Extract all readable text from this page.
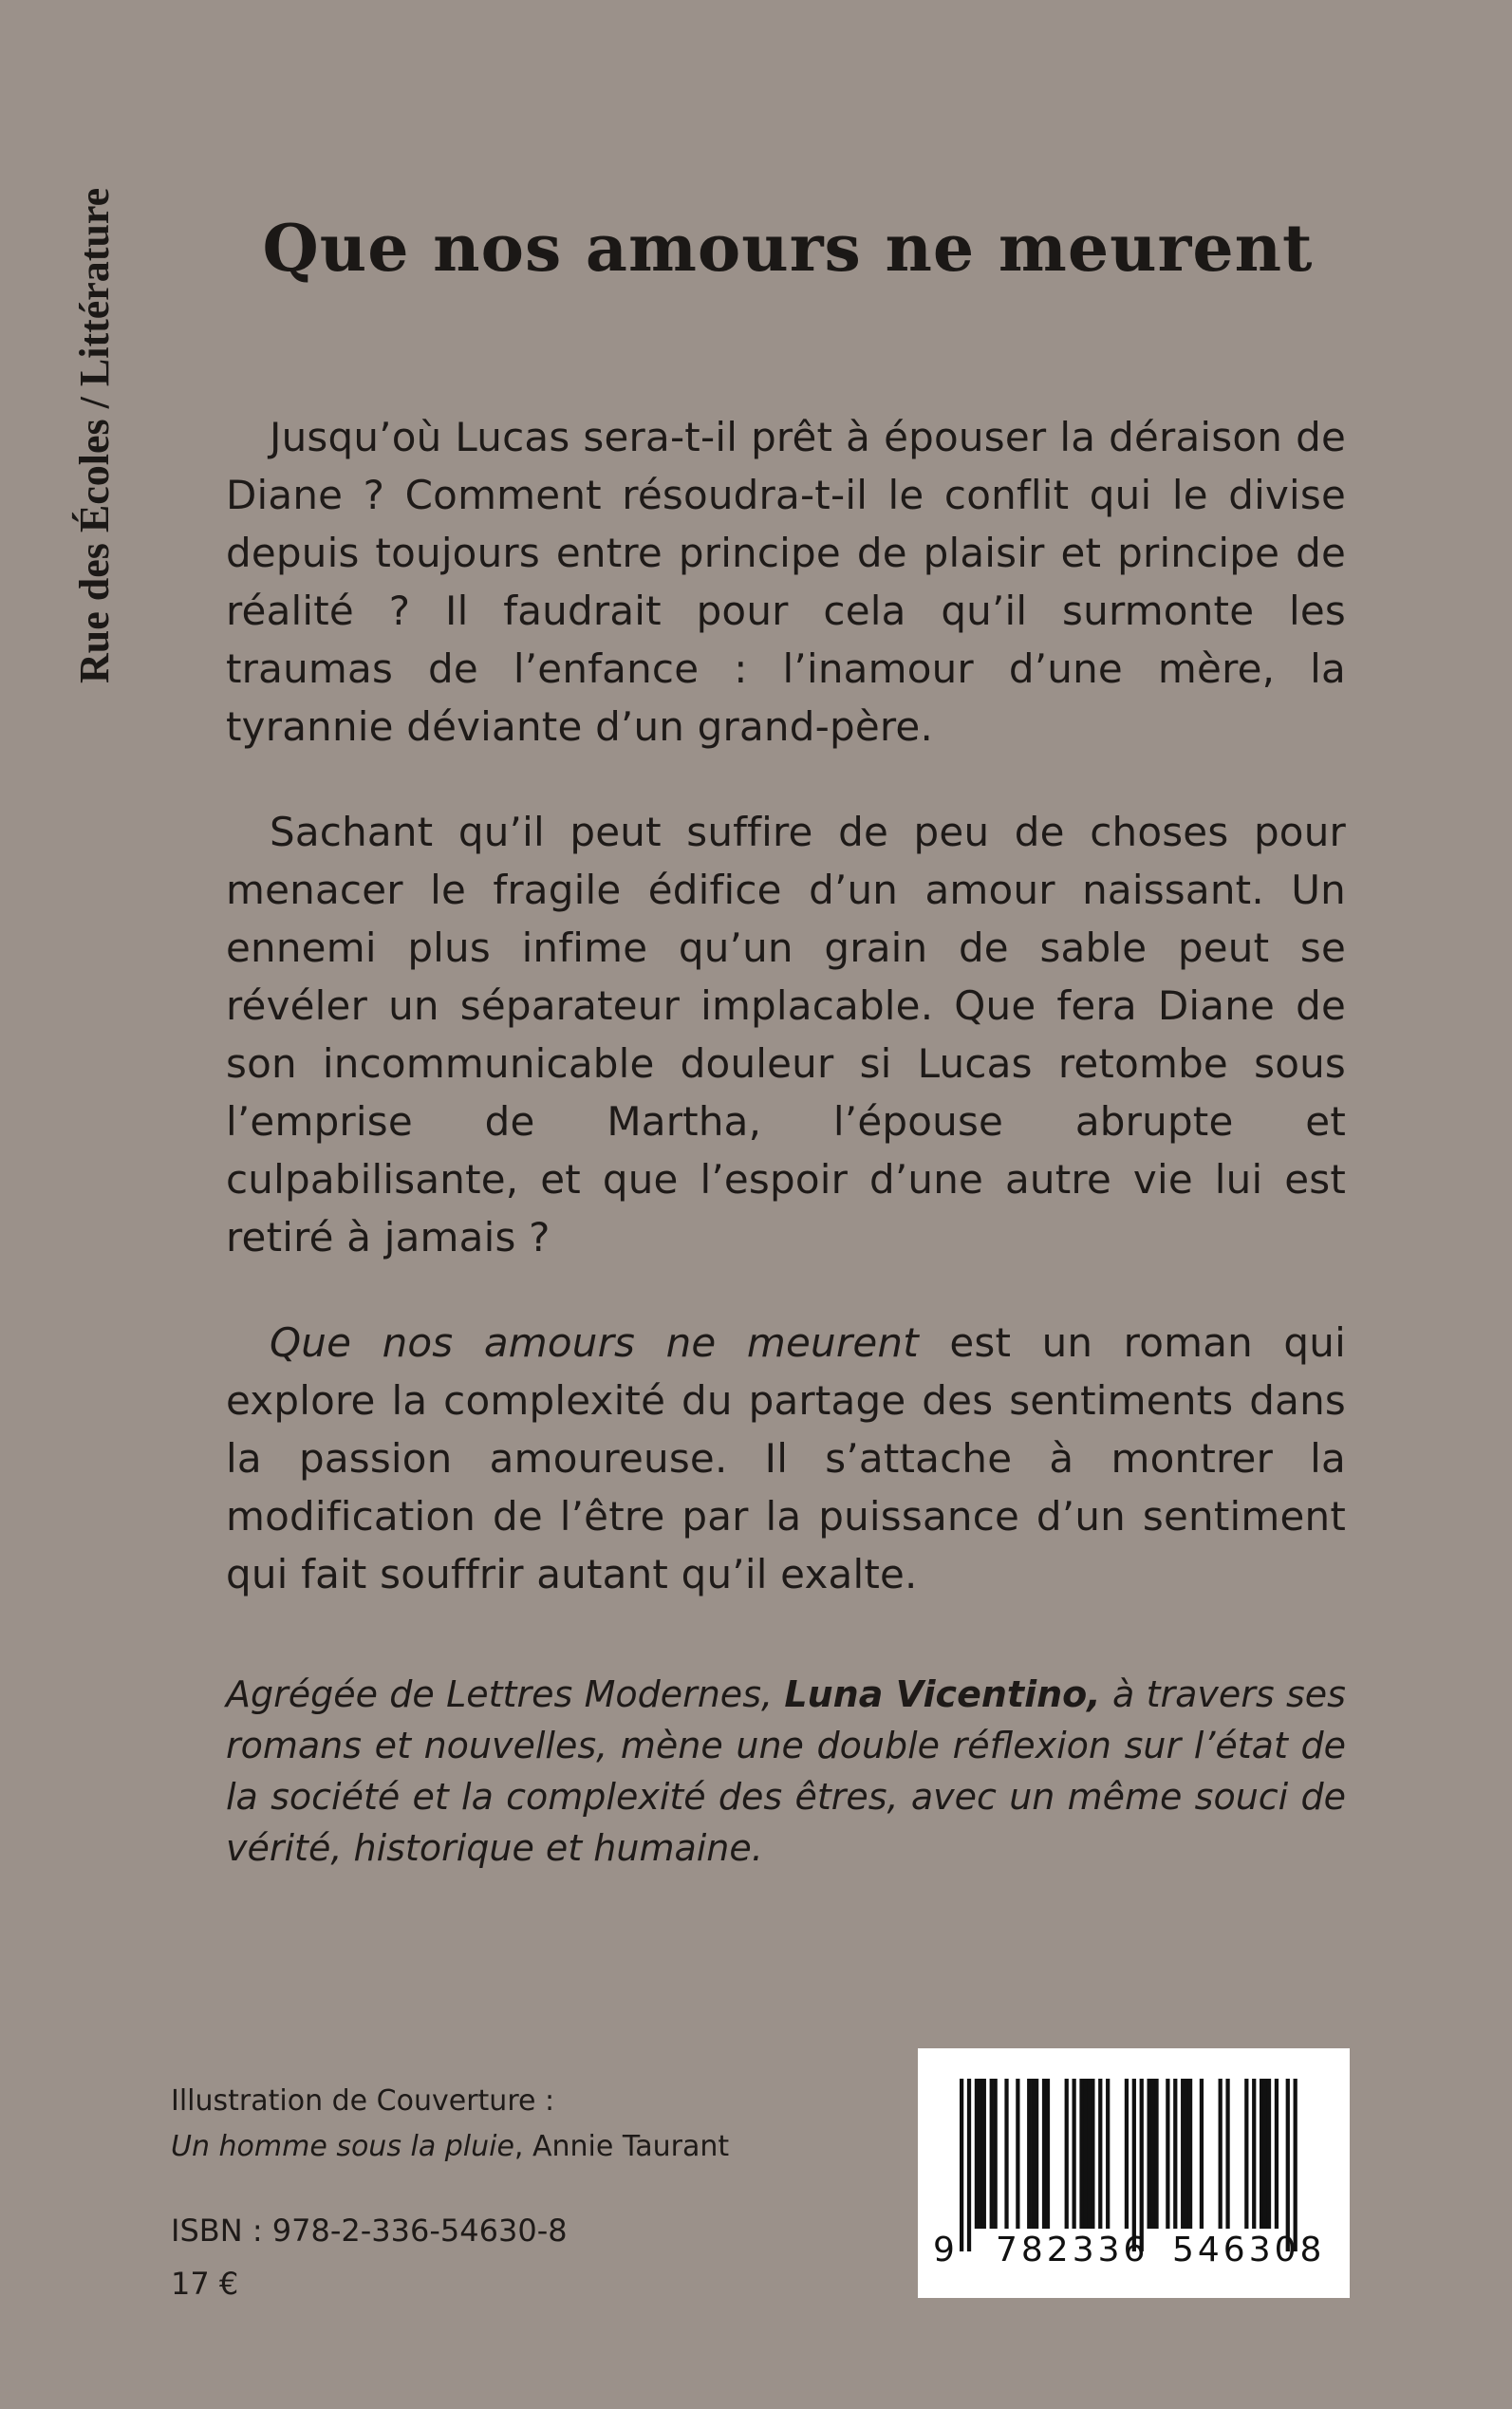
Rue des Écoles / Littérature	Que nos amours ne meurent

Jusqu’où Lucas sera-t-il prêt à épouser la déraison de Diane ? Comment résoudra-t-il le conflit qui le divise depuis toujours entre principe de plaisir et principe de réalité ? Il faudrait pour cela qu’il surmonte les traumas de l’enfance : l’inamour d’une mère, la tyrannie déviante d’un grand-père.

Sachant qu’il peut suffire de peu de choses pour menacer le fragile édifice d’un amour naissant. Un ennemi plus infime qu’un grain de sable peut se révéler un séparateur implacable. Que fera Diane de son incommunicable douleur si Lucas retombe sous l’emprise de Martha, l’épouse abrupte et culpabilisante, et que l’espoir d’une autre vie lui est retiré à jamais ?

Que nos amours ne meurent est un roman qui explore la complexité du partage des sentiments dans la passion amoureuse. Il s’attache à montrer la modification de l’être par la puissance d’un sentiment qui fait souffrir autant qu’il exalte.

Agrégée de Lettres Modernes, Luna Vicentino, à travers ses romans et nouvelles, mène une double réflexion sur l’état de la société et la complexité des êtres, avec un même souci de vérité, historique et humaine.
Illustration de Couverture :
Un homme sous la pluie, Annie Taurant
ISBN : 978-2-336-54630-8
17 €
9 782336 546308
